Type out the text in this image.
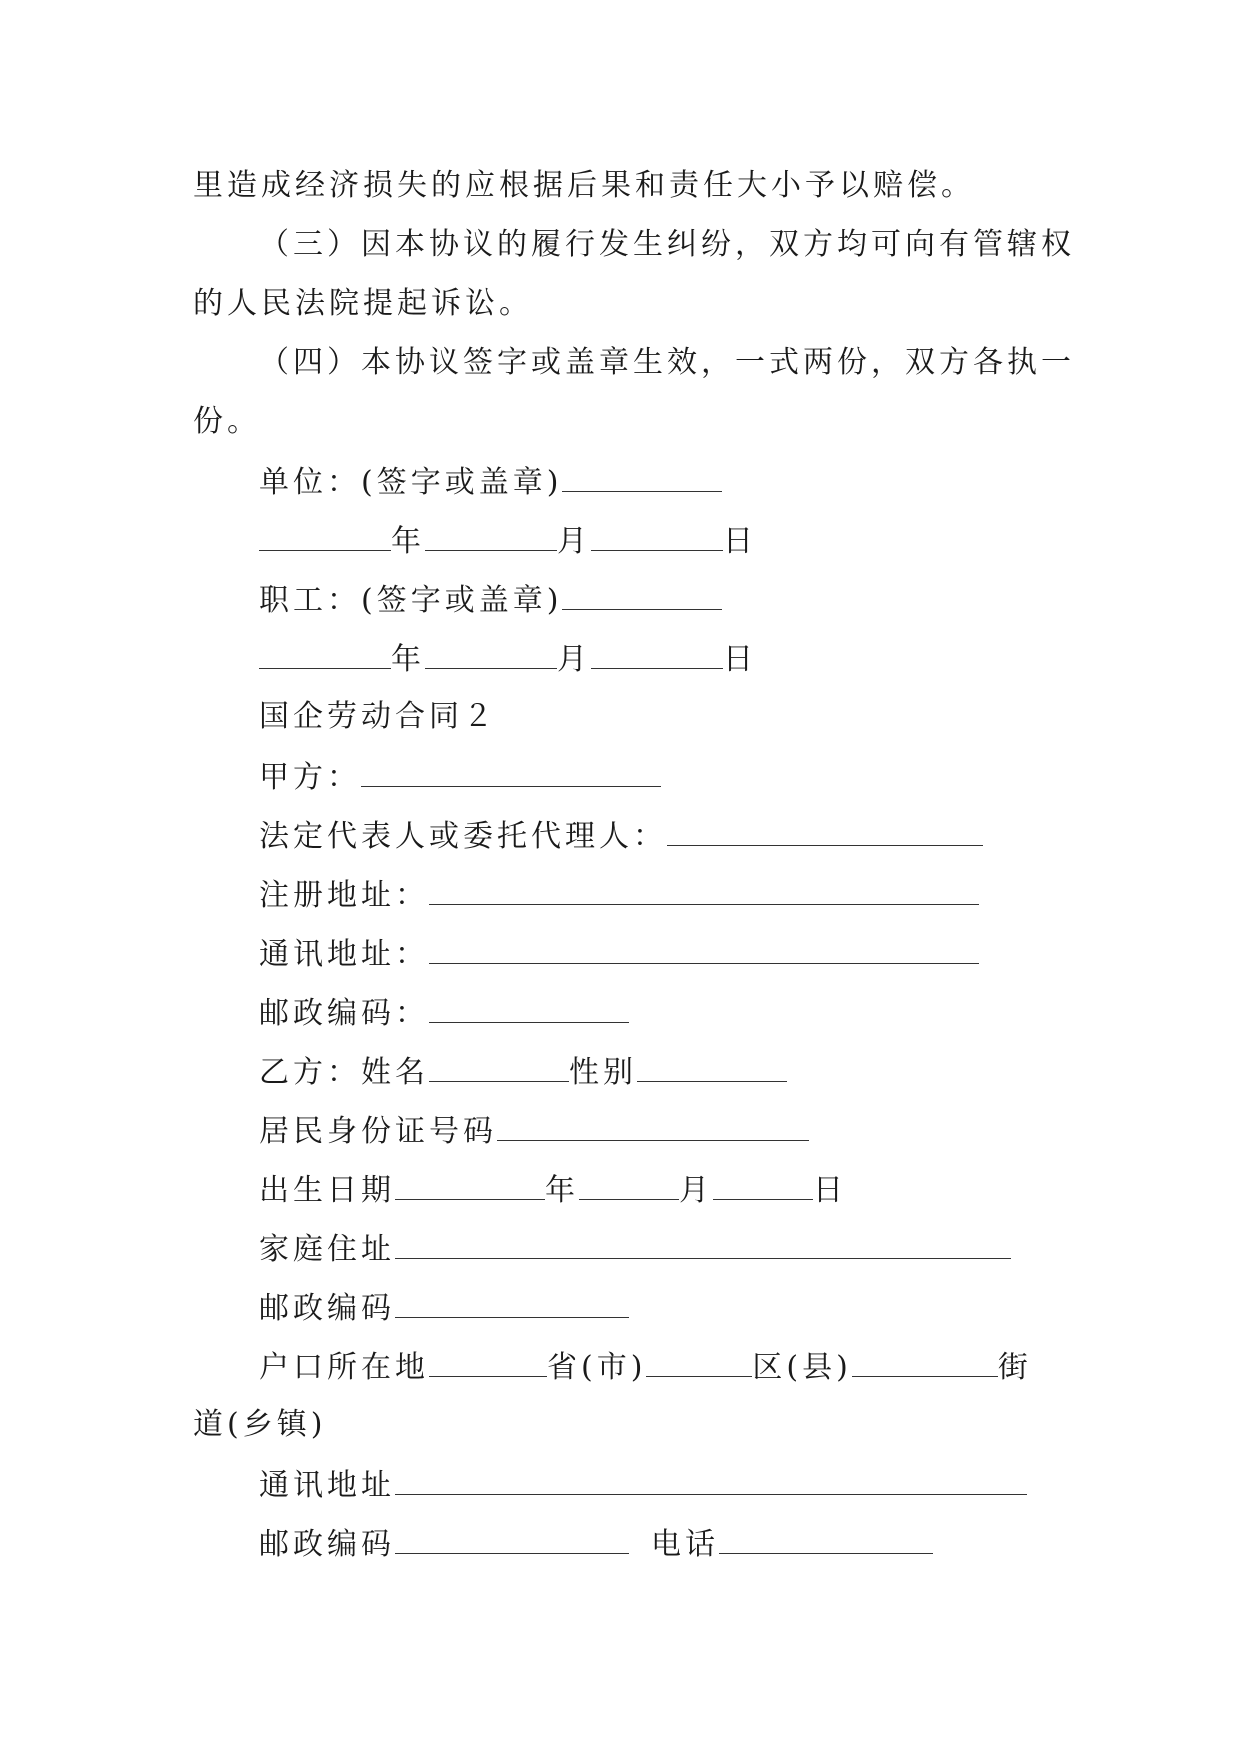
里造成经济损失的应根据后果和责任大小予以赔偿。
（三）因本协议的履行发生纠纷，双方均可向有管辖权
的人民法院提起诉讼。
（四）本协议签字或盖章生效，一式两份，双方各执一
份。
单位：(签字或盖章)
年	月	日
职工：(签字或盖章)
年	月	日
国企劳动合同２
甲方：
法定代表人或委托代理人：
注册地址：
通讯地址：
邮政编码：
乙方：姓名	性别
居民身份证号码
出生日期	年	月	日
家庭住址
邮政编码
户口所在地	省(市)	区(县)	街
道(乡镇)
通讯地址
邮政编码	电话
